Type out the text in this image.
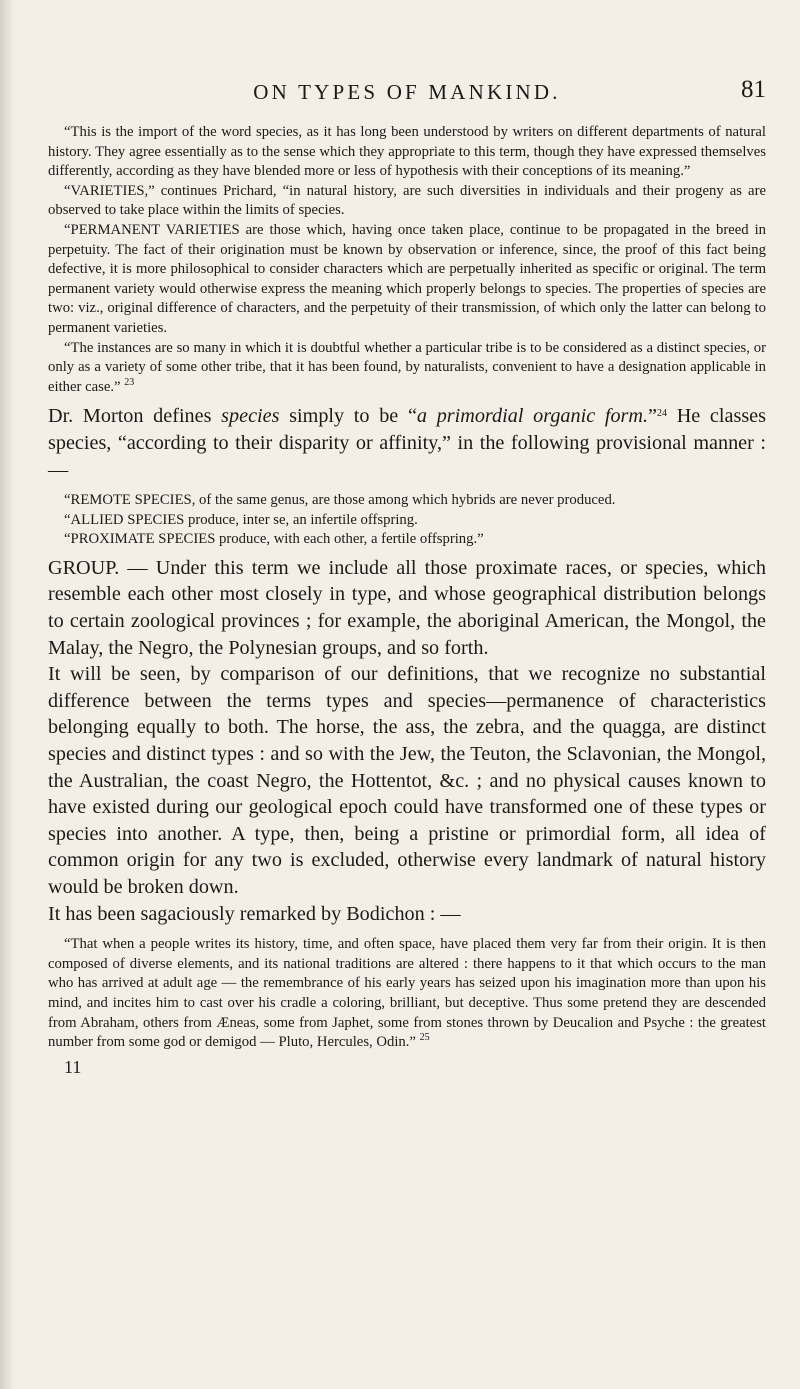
ON TYPES OF MANKIND.	81

“This is the import of the word species, as it has long been understood by writers on different departments of natural history. They agree essentially as to the sense which they appropriate to this term, though they have expressed themselves differently, according as they have blended more or less of hypothesis with their conceptions of its meaning.”

“VARIETIES,” continues Prichard, “in natural history, are such diversities in individuals and their progeny as are observed to take place within the limits of species.

“PERMANENT VARIETIES are those which, having once taken place, continue to be propagated in the breed in perpetuity. The fact of their origination must be known by observation or inference, since, the proof of this fact being defective, it is more philosophical to consider characters which are perpetually inherited as specific or original. The term permanent variety would otherwise express the meaning which properly belongs to species. The properties of species are two: viz., original difference of characters, and the perpetuity of their transmission, of which only the latter can belong to permanent varieties.

“The instances are so many in which it is doubtful whether a particular tribe is to be considered as a distinct species, or only as a variety of some other tribe, that it has been found, by naturalists, convenient to have a designation applicable in either case.” $^{23}$

Dr. Morton defines species simply to be “a primordial organic form.”$^{24}$ He classes species, “according to their disparity or affinity,” in the following provisional manner : —

“REMOTE SPECIES, of the same genus, are those among which hybrids are never produced.

“ALLIED SPECIES produce, inter se, an infertile offspring.

“PROXIMATE SPECIES produce, with each other, a fertile offspring.”

GROUP. — Under this term we include all those proximate races, or species, which resemble each other most closely in type, and whose geographical distribution belongs to certain zoological provinces ; for example, the aboriginal American, the Mongol, the Malay, the Negro, the Polynesian groups, and so forth.

It will be seen, by comparison of our definitions, that we recognize no substantial difference between the terms types and species—permanence of characteristics belonging equally to both. The horse, the ass, the zebra, and the quagga, are distinct species and distinct types : and so with the Jew, the Teuton, the Sclavonian, the Mongol, the Australian, the coast Negro, the Hottentot, &c. ; and no physical causes known to have existed during our geological epoch could have transformed one of these types or species into another. A type, then, being a pristine or primordial form, all idea of common origin for any two is excluded, otherwise every landmark of natural history would be broken down.

It has been sagaciously remarked by Bodichon : —

“That when a people writes its history, time, and often space, have placed them very far from their origin. It is then composed of diverse elements, and its national traditions are altered : there happens to it that which occurs to the man who has arrived at adult age — the remembrance of his early years has seized upon his imagination more than upon his mind, and incites him to cast over his cradle a coloring, brilliant, but deceptive. Thus some pretend they are descended from Abraham, others from Æneas, some from Japhet, some from stones thrown by Deucalion and Psyche : the greatest number from some god or demigod — Pluto, Hercules, Odin.” $^{25}$

11
